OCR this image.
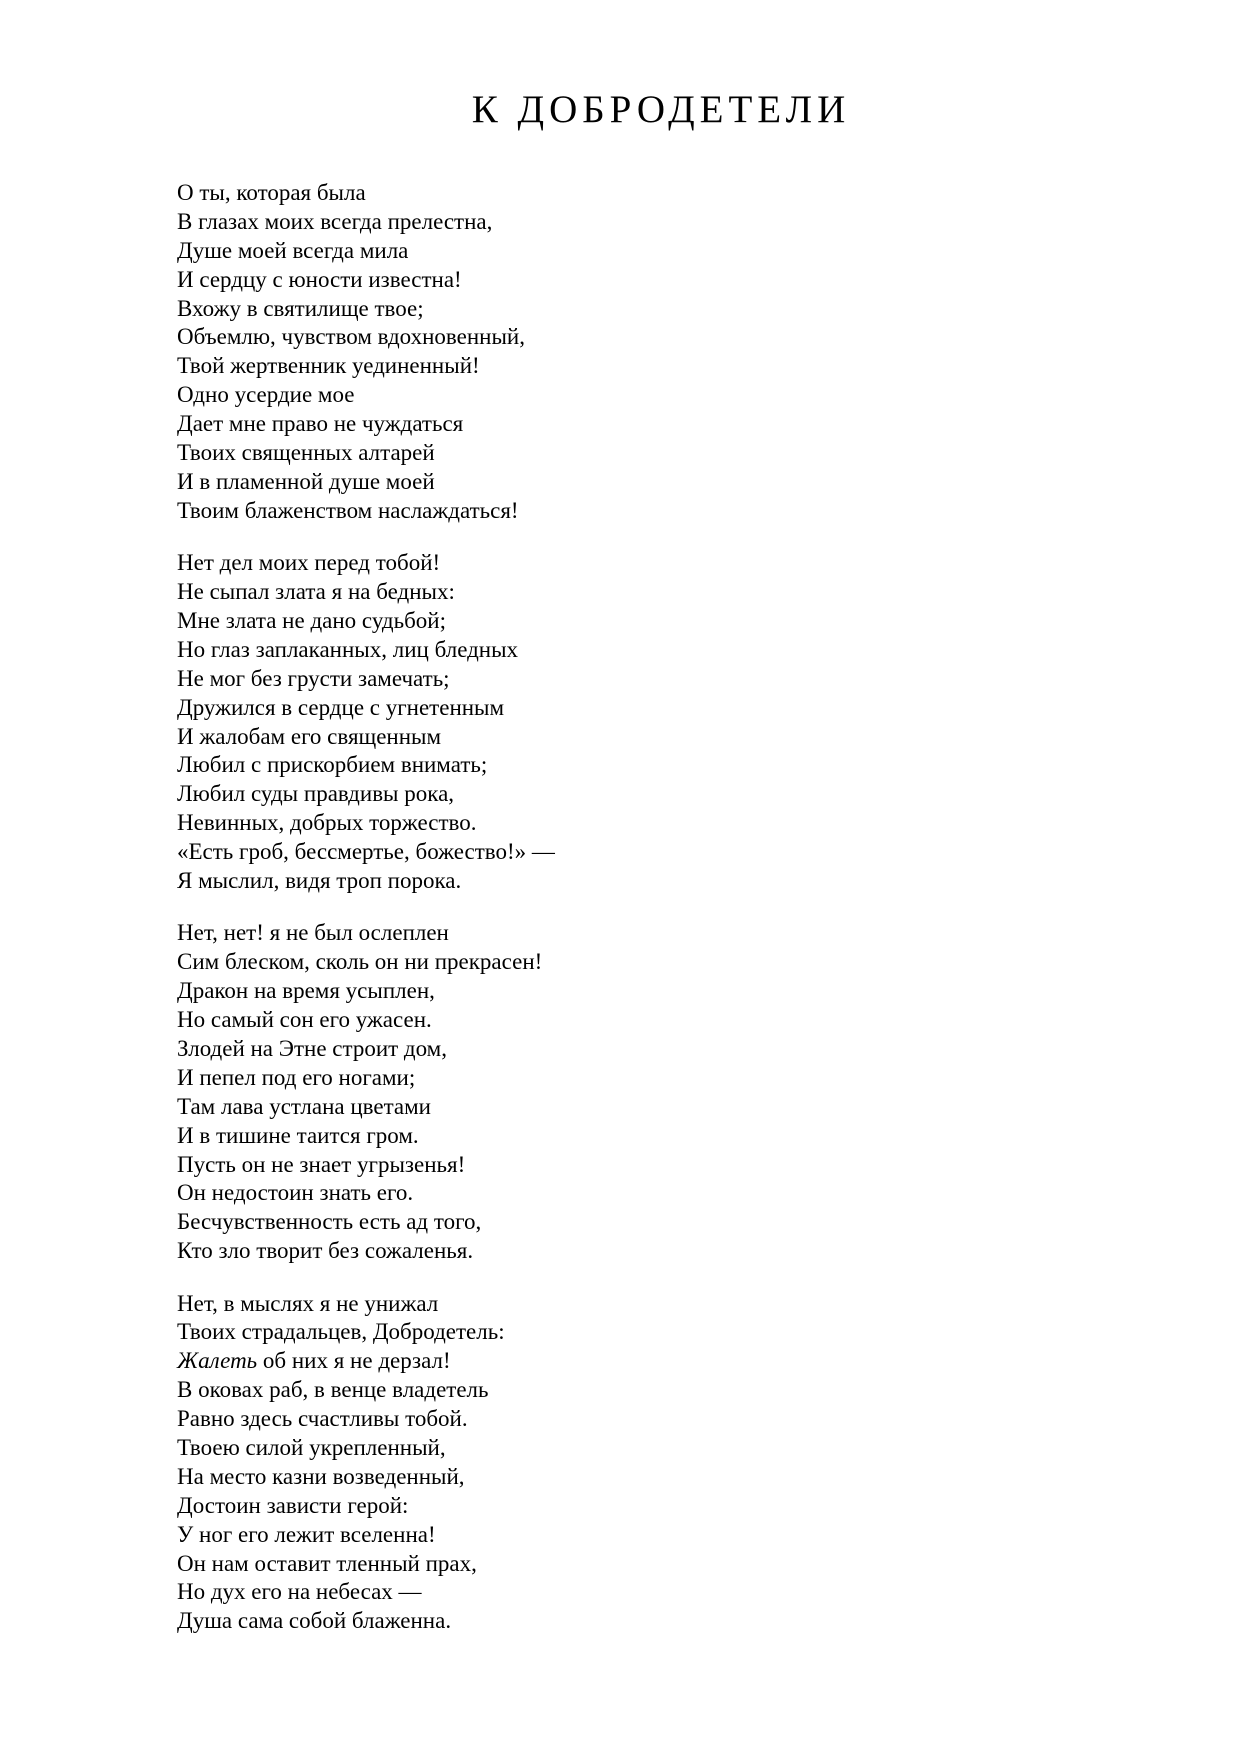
К ДОБРОДЕТЕЛИ
О ты, которая была
В глазах моих всегда прелестна,
Душе моей всегда мила
И сердцу с юности известна!
Вхожу в святилище твое;
Объемлю, чувством вдохновенный,
Твой жертвенник уединенный!
Одно усердие мое
Дает мне право не чуждаться
Твоих священных алтарей
И в пламенной душе моей
Твоим блаженством наслаждаться!
Нет дел моих перед тобой!
Не сыпал злата я на бедных:
Мне злата не дано судьбой;
Но глаз заплаканных, лиц бледных
Не мог без грусти замечать;
Дружился в сердце с угнетенным
И жалобам его священным
Любил с прискорбием внимать;
Любил суды правдивы рока,
Невинных, добрых торжество.
«Есть гроб, бессмертье, божество!» —
Я мыслил, видя троп порока.
Нет, нет! я не был ослеплен
Сим блеском, сколь он ни прекрасен!
Дракон на время усыплен,
Но самый сон его ужасен.
Злодей на Этне строит дом,
И пепел под его ногами;
Там лава устлана цветами
И в тишине таится гром.
Пусть он не знает угрызенья!
Он недостоин знать его.
Бесчувственность есть ад того,
Кто зло творит без сожаленья.
Нет, в мыслях я не унижал
Твоих страдальцев, Добродетель:
Жалеть об них я не дерзал!
В оковах раб, в венце владетель
Равно здесь счастливы тобой.
Твоею силой укрепленный,
На место казни возведенный,
Достоин зависти герой:
У ног его лежит вселенна!
Он нам оставит тленный прах,
Но дух его на небесах —
Душа сама собой блаженна.
